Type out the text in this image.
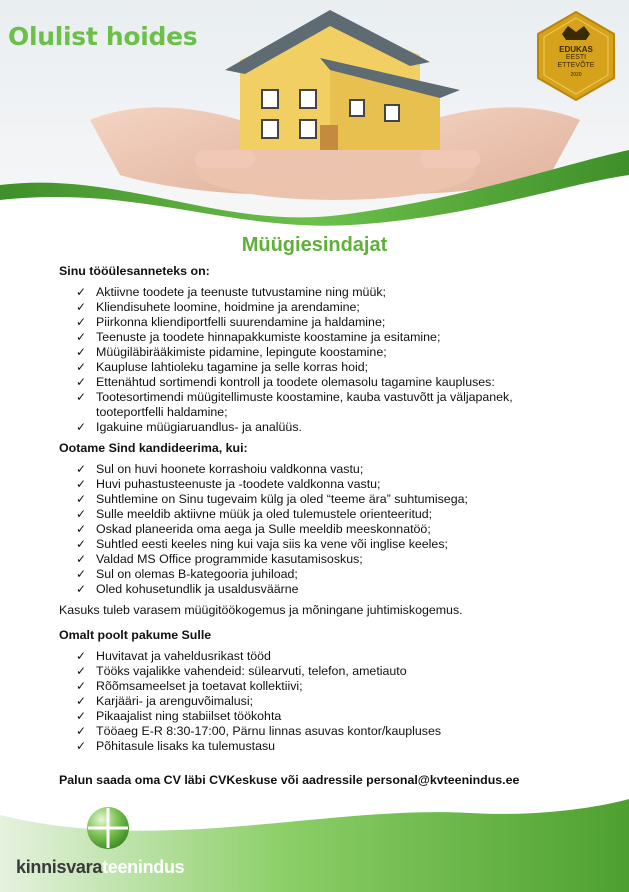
Olulist hoides	EDUKAS
EESTI
ETTEVÕTE
2020
Müügiesindajat
Sinu tööülesanneteks on:
✓ Aktiivne toodete ja teenuste tutvustamine ning müük;
✓ Kliendisuhete loomine, hoidmine ja arendamine;
✓ Piirkonna kliendiportfelli suurendamine ja haldamine;
✓ Teenuste ja toodete hinnapakkumiste koostamine ja esitamine;
✓ Müügiläbirääkimiste pidamine, lepingute koostamine;
✓ Kaupluse lahtioleku tagamine ja selle korras hoid;
✓ Ettenähtud sortimendi kontroll ja toodete olemasolu tagamine kaupluses:
✓ Tootesortimendi müügitellimuste koostamine, kauba vastuvõtt ja väljapanek, tooteportfelli haldamine;
✓ Igakuine müügiaruandlus- ja analüüs.
Ootame Sind kandideerima, kui:
✓ Sul on huvi hoonete korrashoiu valdkonna vastu;
✓ Huvi puhastusteenuste ja -toodete valdkonna vastu;
✓ Suhtlemine on Sinu tugevaim külg ja oled “teeme ära” suhtumisega;
✓ Sulle meeldib aktiivne müük ja oled tulemustele orienteeritud;
✓ Oskad planeerida oma aega ja Sulle meeldib meeskonnatöö;
✓ Suhtled eesti keeles ning kui vaja siis ka vene või inglise keeles;
✓ Valdad MS Office programmide kasutamisoskus;
✓ Sul on olemas B-kategooria juhiload;
✓ Oled kohusetundlik ja usaldusväärne
Kasuks tuleb varasem müügitöökogemus ja mõningane juhtimiskogemus.
Omalt poolt pakume Sulle
✓ Huvitavat ja vaheldusrikast tööd
✓ Tööks vajalikke vahendeid: sülearvuti, telefon, ametiauto
✓ Rõõmsameelset ja toetavat kollektiivi;
✓ Karjääri- ja arenguvõimalusi;
✓ Pikaajalist ning stabiilset töökohta
✓ Tööaeg E-R 8:30-17:00, Pärnu linnas asuvas kontor/kaupluses
✓ Põhitasule lisaks ka tulemustasu
Palun saada oma CV läbi CVKeskuse või aadressile personal@kvteenindus.ee
kinnisvarateenindus
